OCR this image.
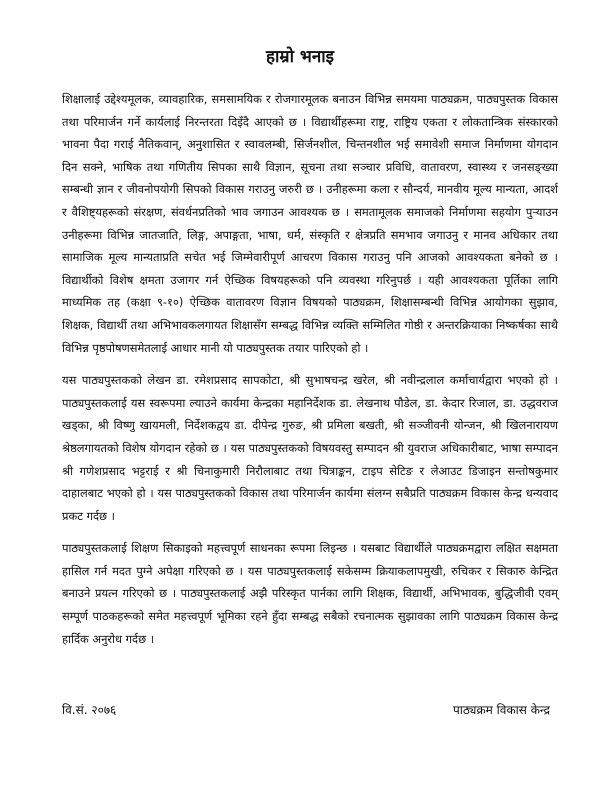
हाम्रो भनाइ

शिक्षालाई उद्देश्यमूलक, व्यावहारिक, समसामयिक र रोजगारमूलक बनाउन विभिन्न समयमा पाठ्यक्रम, पाठ्यपुस्तक विकास तथा परिमार्जन गर्ने कार्यलाई निरन्तरता दिइँदै आएको छ । विद्यार्थीहरूमा राष्ट्र, राष्ट्रिय एकता र लोकतान्त्रिक संस्कारको भावना पैदा गराई नैतिकवान्, अनुशासित र स्वावलम्बी, सिर्जनशील, चिन्तनशील भई समावेशी समाज निर्माणमा योगदान दिन सक्ने, भाषिक तथा गणितीय सिपका साथै विज्ञान, सूचना तथा सञ्चार प्रविधि, वातावरण, स्वास्थ्य र जनसङ्ख्या सम्बन्धी ज्ञान र जीवनोपयोगी सिपको विकास गराउनु जरुरी छ । उनीहरूमा कला र सौन्दर्य, मानवीय मूल्य मान्यता, आदर्श र वैशिष्ट्यहरूको संरक्षण, संवर्धनप्रतिको भाव जगाउन आवश्यक छ । समतामूलक समाजको निर्माणमा सहयोग पुऱ्याउन उनीहरूमा विभिन्न जातजाति, लिङ्ग, अपाङ्गता, भाषा, धर्म, संस्कृति र क्षेत्रप्रति समभाव जगाउनु र मानव अधिकार तथा सामाजिक मूल्य मान्यताप्रति सचेत भई जिम्मेवारीपूर्ण आचरण विकास गराउनु पनि आजको आवश्यकता बनेको छ । विद्यार्थीको विशेष क्षमता उजागर गर्न ऐच्छिक विषयहरूको पनि व्यवस्था गरिनुपर्छ । यही आवश्यकता पूर्तिका लागि माध्यमिक तह (कक्षा ९-१०) ऐच्छिक वातावरण विज्ञान विषयको पाठ्यक्रम, शिक्षासम्बन्धी विभिन्न आयोगका सुझाव, शिक्षक, विद्यार्थी तथा अभिभावकलगायत शिक्षासँग सम्बद्ध विभिन्न व्यक्ति सम्मिलित गोष्ठी र अन्तरक्रियाका निष्कर्षका साथै विभिन्न पृष्ठपोषणसमेतलाई आधार मानी यो पाठ्यपुस्तक तयार पारिएको हो ।

यस पाठ्यपुस्तकको लेखन डा. रमेशप्रसाद सापकोटा, श्री सुभाषचन्द्र खरेल, श्री नवीन्द्रलाल कर्माचार्यद्वारा भएको हो । पाठ्यपुस्तकलाई यस स्वरूपमा ल्याउने कार्यमा केन्द्रका महानिर्देशक डा. लेखनाथ पौडेल, डा. केदार रिजाल, डा. उद्धवराज खड्का, श्री विष्णु खायमली, निर्देशकद्वय डा. दीपेन्द्र गुरुङ, श्री प्रमिला बखती, श्री सञ्जीवनी योन्जन, श्री खिलनारायण श्रेष्ठलगायतको विशेष योगदान रहेको छ । यस पाठ्यपुस्तकको विषयवस्तु सम्पादन श्री युवराज अधिकारीबाट, भाषा सम्पादन श्री गणेशप्रसाद भट्टराई र श्री चिनाकुमारी निरौलाबाट तथा चित्राङ्कन, टाइप सेटिङ र लेआउट डिजाइन सन्तोषकुमार दाहालबाट भएको हो । यस पाठ्यपुस्तकको विकास तथा परिमार्जन कार्यमा संलग्न सबैप्रति पाठ्यक्रम विकास केन्द्र धन्यवाद प्रकट गर्दछ ।

पाठ्यपुस्तकलाई शिक्षण सिकाइको महत्त्वपूर्ण साधनका रूपमा लिइन्छ । यसबाट विद्यार्थीले पाठ्यक्रमद्वारा लक्षित सक्षमता हासिल गर्न मदत पुग्ने अपेक्षा गरिएको छ । यस पाठ्यपुस्तकलाई सकेसम्म क्रियाकलापमुखी, रुचिकर र सिकारु केन्द्रित बनाउने प्रयत्न गरिएको छ । पाठ्यपुस्तकलाई अझै परिस्कृत पार्नका लागि शिक्षक, विद्यार्थी, अभिभावक, बुद्धिजीवी एवम् सम्पूर्ण पाठकहरूको समेत महत्त्वपूर्ण भूमिका रहने हुँदा सम्बद्ध सबैको रचनात्मक सुझावका लागि पाठ्यक्रम विकास केन्द्र हार्दिक अनुरोध गर्दछ ।

वि.सं. २०७६	पाठ्यक्रम विकास केन्द्र
